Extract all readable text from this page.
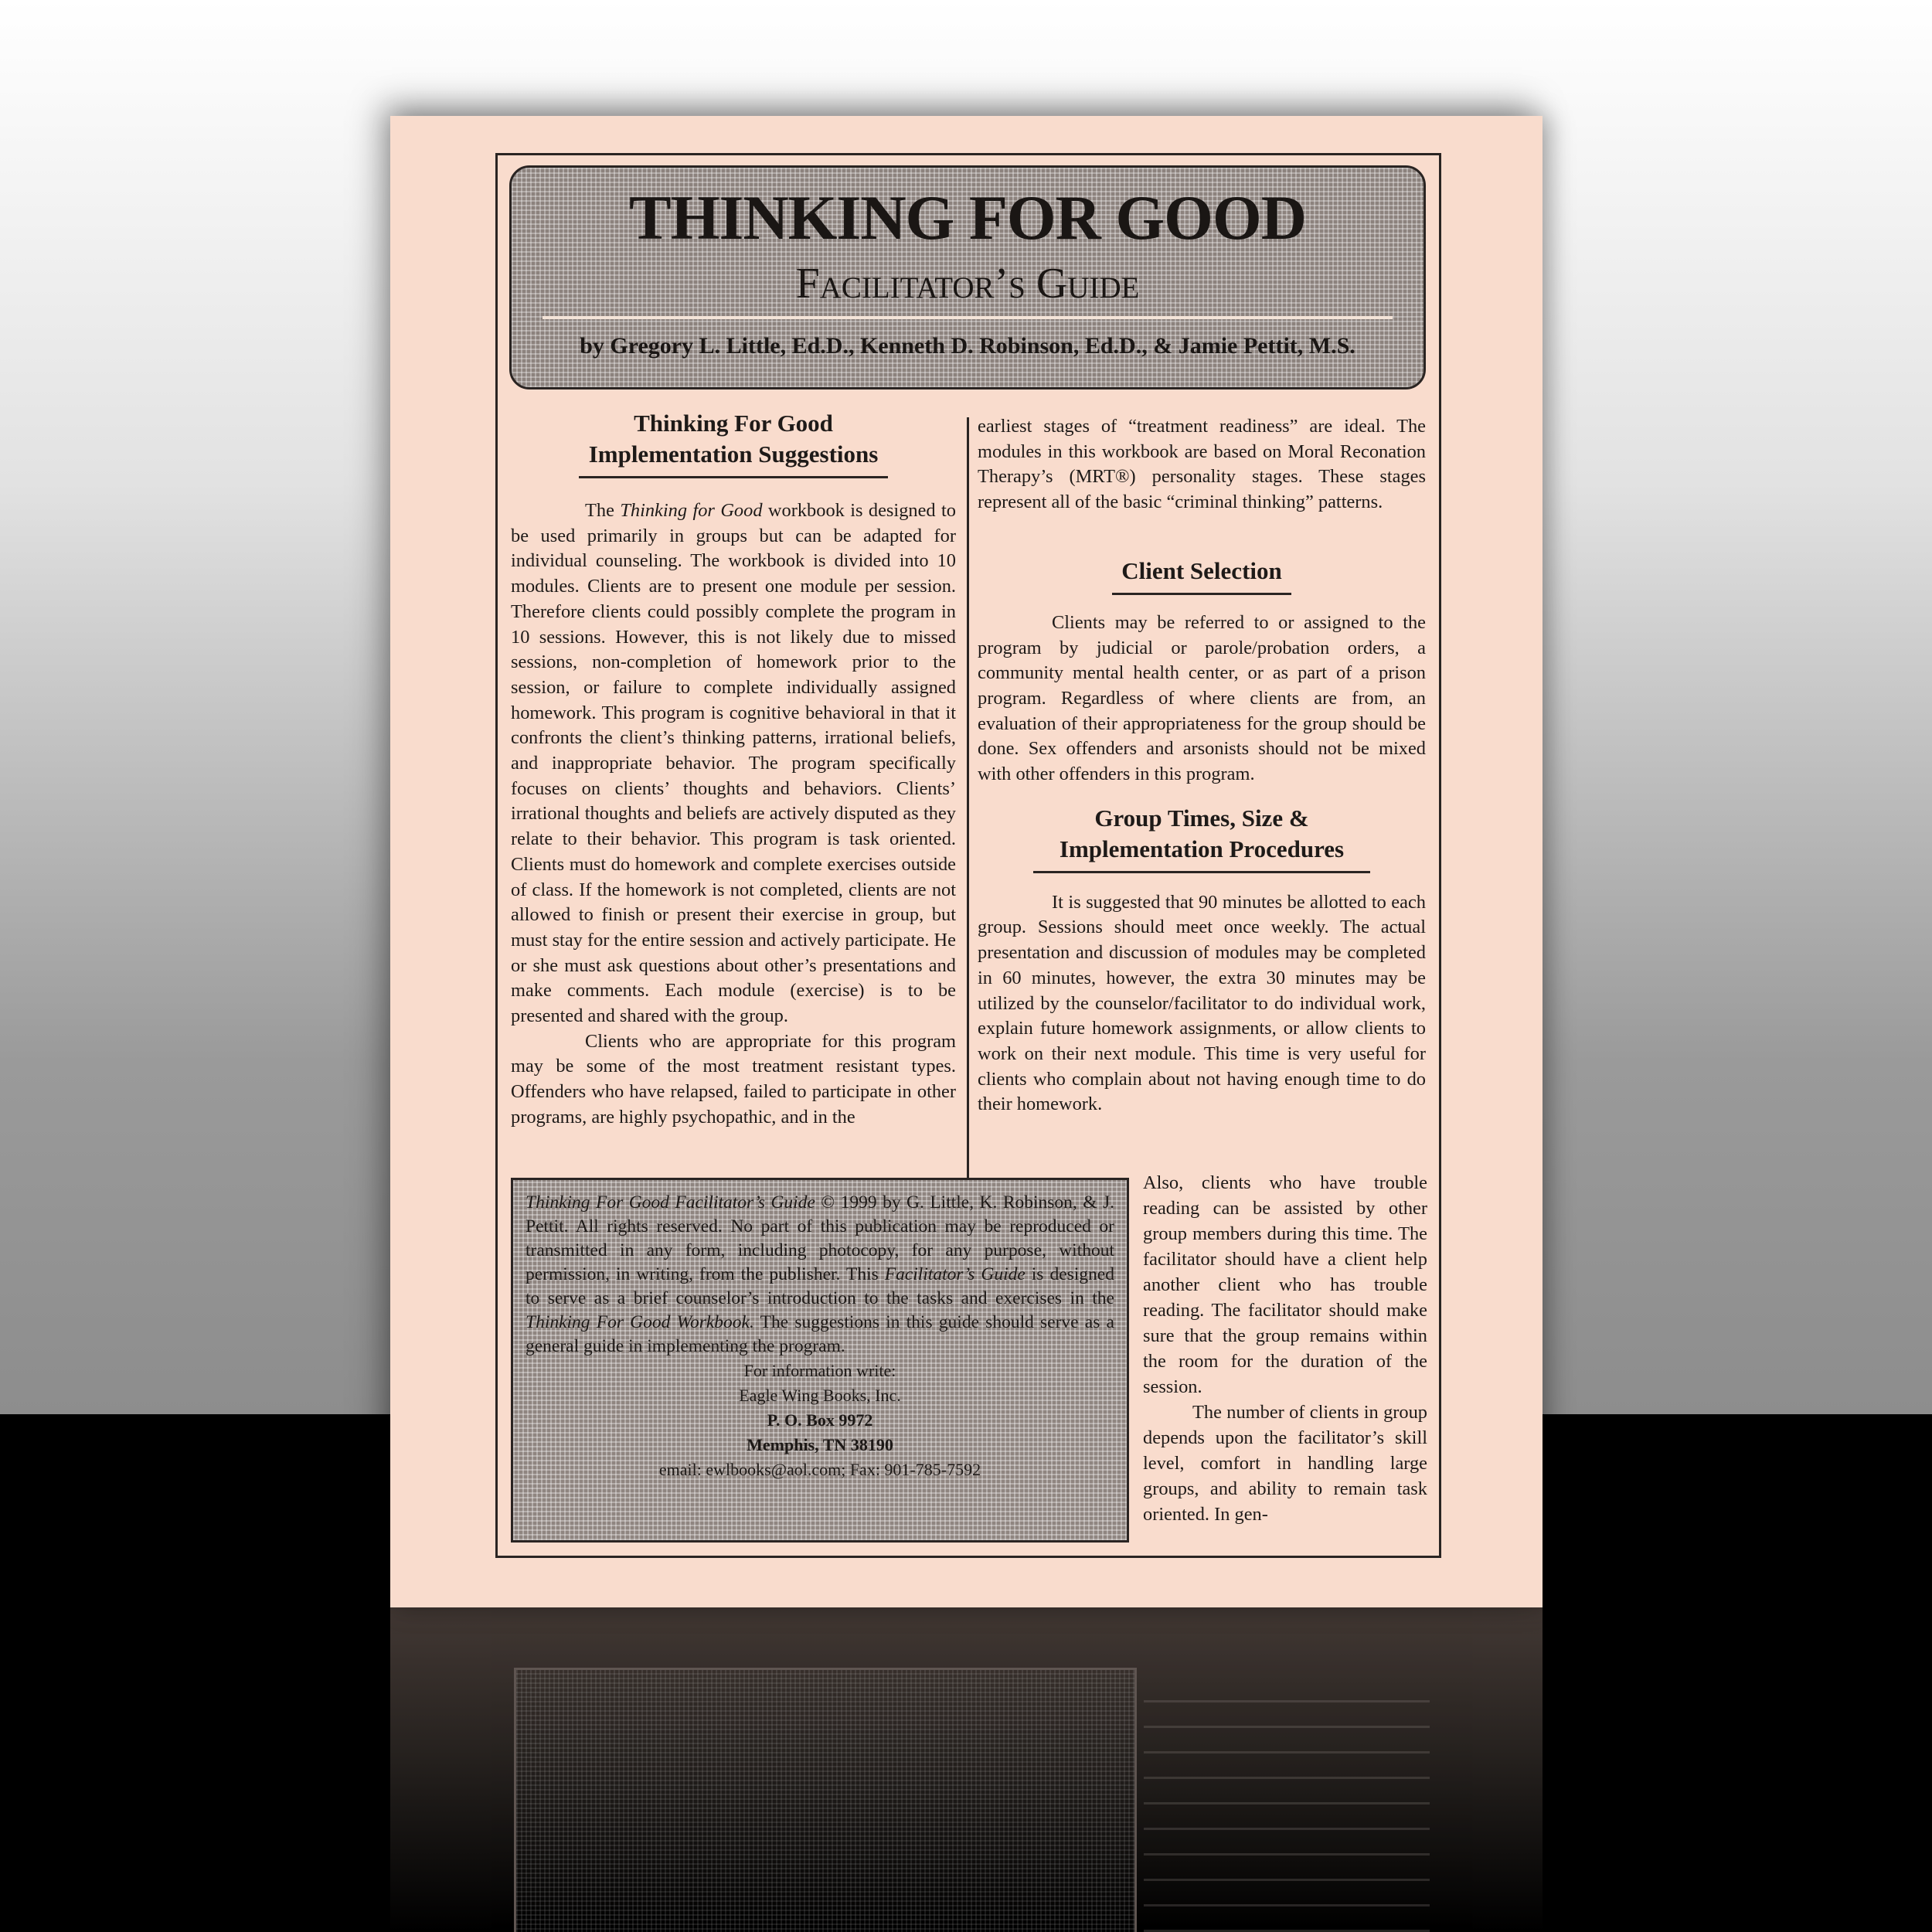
THINKING FOR GOOD
Facilitator’s Guide
by Gregory L. Little, Ed.D., Kenneth D. Robinson, Ed.D., & Jamie Pettit, M.S.
Thinking For Good
Implementation Suggestions

The Thinking for Good workbook is designed to be used primarily in groups but can be adapted for individual counseling. The workbook is divided into 10 modules. Clients are to present one module per session. Therefore clients could possibly complete the program in 10 sessions. However, this is not likely due to missed sessions, non-completion of homework prior to the session, or failure to complete individually assigned homework. This program is cognitive behavioral in that it confronts the client’s thinking patterns, irrational beliefs, and inappropriate behavior. The program specifically focuses on clients’ thoughts and behaviors. Clients’ irrational thoughts and beliefs are actively disputed as they relate to their behavior. This program is task oriented. Clients must do homework and complete exercises outside of class. If the homework is not completed, clients are not allowed to finish or present their exercise in group, but must stay for the entire session and actively participate. He or she must ask questions about other’s presentations and make comments. Each module (exercise) is to be presented and shared with the group.

Clients who are appropriate for this program may be some of the most treatment resistant types. Offenders who have relapsed, failed to participate in other programs, are highly psychopathic, and in the

earliest stages of “treatment readiness” are ideal. The modules in this workbook are based on Moral Reconation Therapy’s (MRT®) personality stages. These stages represent all of the basic “criminal thinking” patterns.

Client Selection

Clients may be referred to or assigned to the program by judicial or parole/probation orders, a community mental health center, or as part of a prison program. Regardless of where clients are from, an evaluation of their appropriateness for the group should be done. Sex offenders and arsonists should not be mixed with other offenders in this program.

Group Times, Size &
Implementation Procedures

It is suggested that 90 minutes be allotted to each group. Sessions should meet once weekly. The actual presentation and discussion of modules may be completed in 60 minutes, however, the extra 30 minutes may be utilized by the counselor/facilitator to do individual work, explain future homework assignments, or allow clients to work on their next module. This time is very useful for clients who complain about not having enough time to do their homework.

Also, clients who have trouble reading can be assisted by other group members during this time. The facilitator should have a client help another client who has trouble reading. The facilitator should make sure that the group remains within the room for the duration of the session.

The number of clients in group depends upon the facilitator’s skill level, comfort in handling large groups, and ability to remain task oriented. In gen-

Thinking For Good Facilitator’s Guide © 1999 by G. Little, K. Robinson, & J. Pettit. All rights reserved. No part of this publication may be reproduced or transmitted in any form, including photocopy, for any purpose, without permission, in writing, from the publisher. This Facilitator’s Guide is designed to serve as a brief counselor’s introduction to the tasks and exercises in the Thinking For Good Workbook. The suggestions in this guide should serve as a general guide in implementing the program.

For information write:
Eagle Wing Books, Inc.
P. O. Box 9972
Memphis, TN 38190
email: ewlbooks@aol.com; Fax: 901-785-7592
